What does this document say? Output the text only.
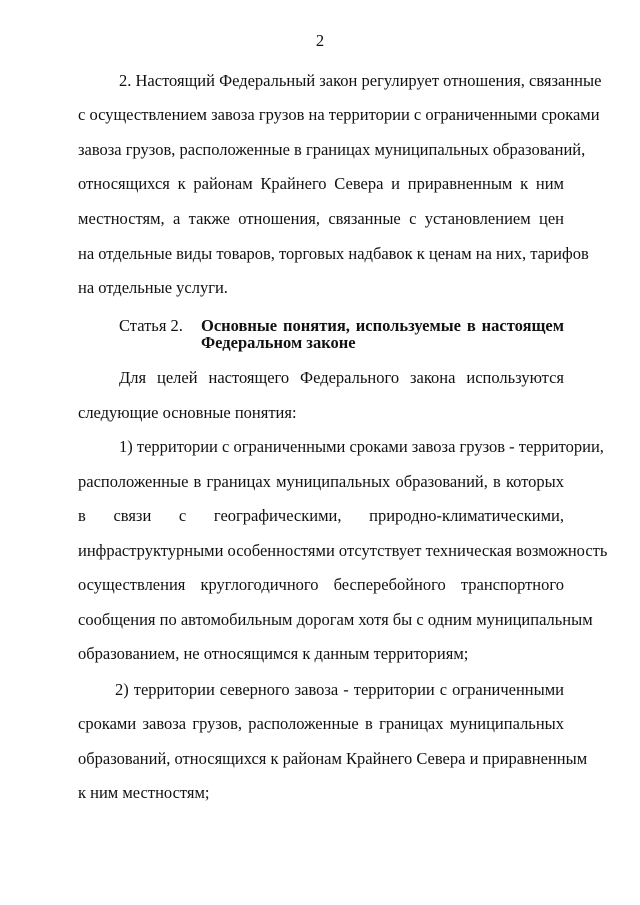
2
2. Настоящий Федеральный закон регулирует отношения, связанные
с осуществлением завоза грузов на территории с ограниченными сроками
завоза грузов, расположенные в границах муниципальных образований,
относящихся к районам Крайнего Севера и приравненным к ним
местностям, а также отношения, связанные с установлением цен
на отдельные виды товаров, торговых надбавок к ценам на них, тарифов
на отдельные услуги.
Статья 2. Основные понятия, используемые в настоящем
Федеральном законе
Для целей настоящего Федерального закона используются
следующие основные понятия:
1) территории с ограниченными сроками завоза грузов - территории,
расположенные в границах муниципальных образований, в которых
в связи с географическими, природно-климатическими,
инфраструктурными особенностями отсутствует техническая возможность
осуществления круглогодичного бесперебойного транспортного
сообщения по автомобильным дорогам хотя бы с одним муниципальным
образованием, не относящимся к данным территориям;
2) территории северного завоза - территории с ограниченными
сроками завоза грузов, расположенные в границах муниципальных
образований, относящихся к районам Крайнего Севера и приравненным
к ним местностям;
